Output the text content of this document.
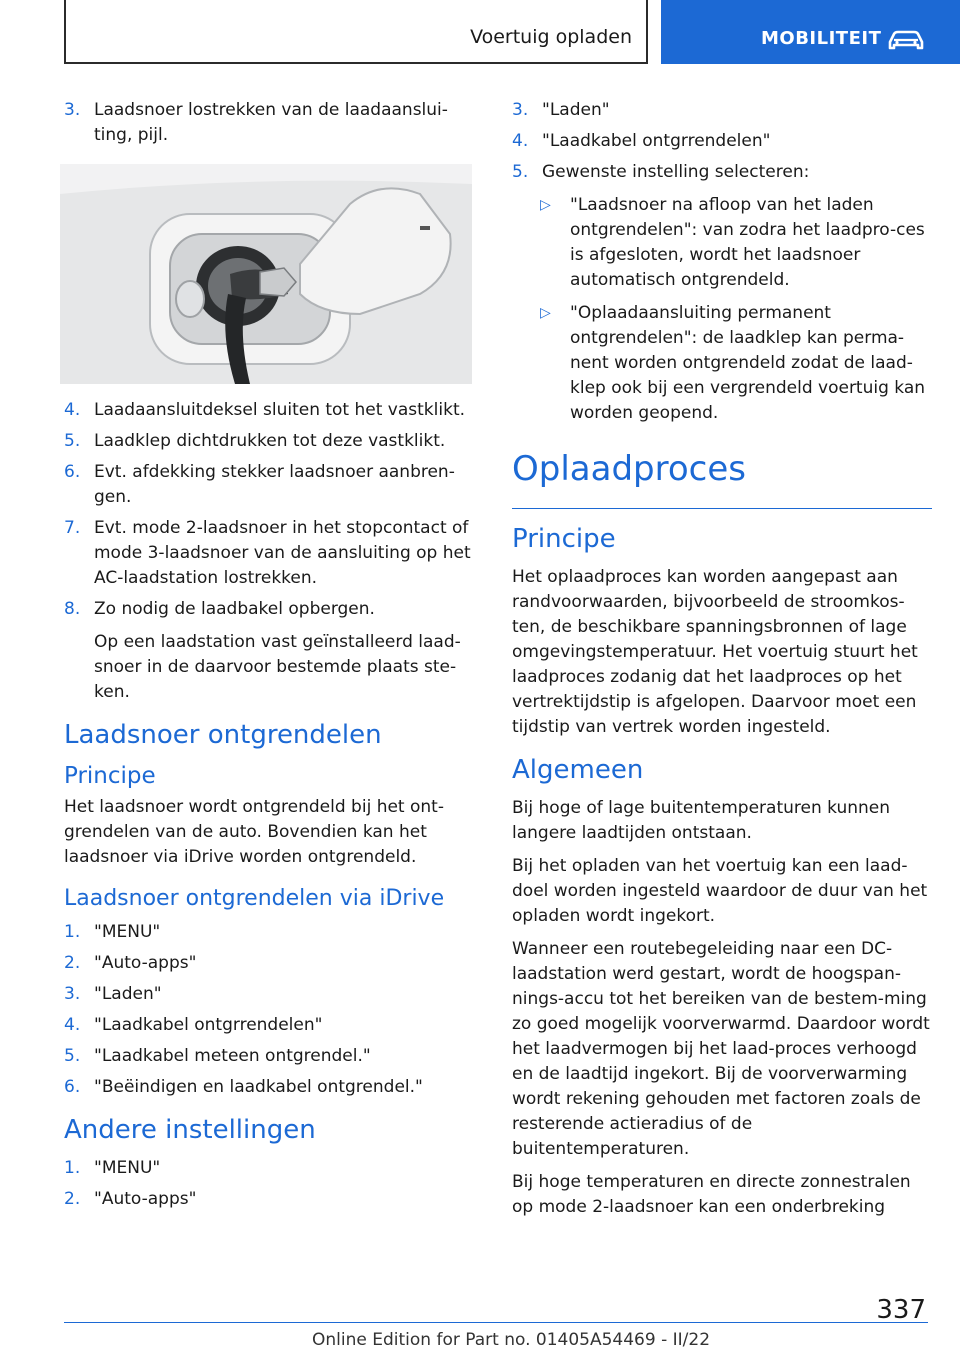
Voertuig opladen	MOBILITEIT
3. Laadsnoer lostrekken van de laadaanslui-ting, pijl.
4. Laadaansluitdeksel sluiten tot het vastklikt.
5. Laadklep dichtdrukken tot deze vastklikt.
6. Evt. afdekking stekker laadsnoer aanbren-gen.
7. Evt. mode 2-laadsnoer in het stopcontact of mode 3-laadsnoer van de aansluiting op het AC-laadstation lostrekken.
8. Zo nodig de laadbakel opbergen.

Op een laadstation vast geïnstalleerd laad-snoer in de daarvoor bestemde plaats ste-ken.

Laadsnoer ontgrendelen
Principe

Het laadsnoer wordt ontgrendeld bij het ont-grendelen van de auto. Bovendien kan het laadsnoer via iDrive worden ontgrendeld.

Laadsnoer ontgrendelen via iDrive
1. "MENU"
2. "Auto-apps"
3. "Laden"
4. "Laadkabel ontgrrendelen"
5. "Laadkabel meteen ontgrendel."
6. "Beëindigen en laadkabel ontgrendel."
Andere instellingen
1. "MENU"
2. "Auto-apps"
3. "Laden"
4. "Laadkabel ontgrrendelen"
5. Gewenste instelling selecteren:
▷ "Laadsnoer na afloop van het laden ontgrendelen": van zodra het laadpro-ces is afgesloten, wordt het laadsnoer automatisch ontgrendeld.
▷ "Oplaadaansluiting permanent ontgrendelen": de laadklep kan perma-nent worden ontgrendeld zodat de laad-klep ook bij een vergrendeld voertuig kan worden geopend.
Oplaadproces
Principe

Het oplaadproces kan worden aangepast aan randvoorwaarden, bijvoorbeeld de stroomkos-ten, de beschikbare spanningsbronnen of lage omgevingstemperatuur. Het voertuig stuurt het laadproces zodanig dat het laadproces op het vertrektijdstip is afgelopen. Daarvoor moet een tijdstip van vertrek worden ingesteld.

Algemeen

Bij hoge of lage buitentemperaturen kunnen langere laadtijden ontstaan.

Bij het opladen van het voertuig kan een laad-doel worden ingesteld waardoor de duur van het opladen wordt ingekort.

Wanneer een routebegeleiding naar een DC-laadstation werd gestart, wordt de hoogspan-nings-accu tot het bereiken van de bestem-ming zo goed mogelijk voorverwarmd. Daardoor wordt het laadvermogen bij het laad-proces verhoogd en de laadtijd ingekort. Bij de voorverwarming wordt rekening gehouden met factoren zoals de resterende actieradius of de buitentemperaturen.

Bij hoge temperaturen en directe zonnestralen op mode 2-laadsnoer kan een onderbreking

337
Online Edition for Part no. 01405A54469 - II/22
